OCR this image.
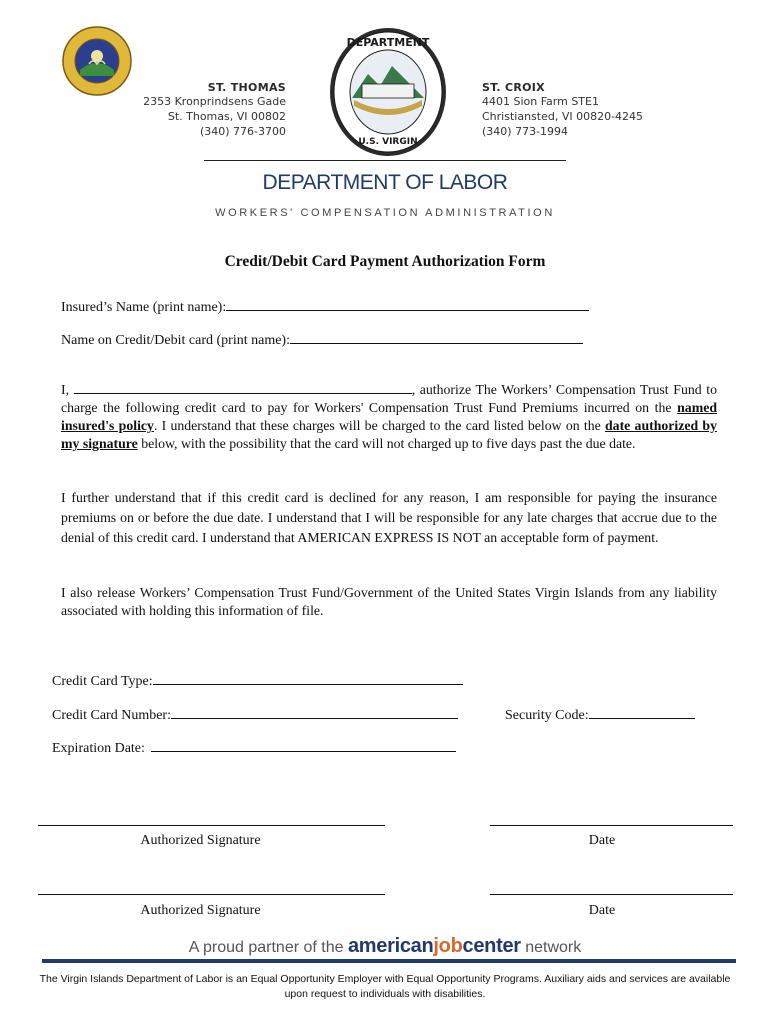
DEPARTMENT
U.S. VIRGIN
ST. THOMAS
2353 Kronprindsens Gade
St. Thomas, VI 00802
(340) 776-3700
ST. CROIX
4401 Sion Farm STE1
Christiansted, VI 00820-4245
(340) 773-1994
DEPARTMENT OF LABOR
WORKERS' COMPENSATION ADMINISTRATION
Credit/Debit Card Payment Authorization Form
Insured’s Name (print name):
Name on Credit/Debit card (print name):
I,	, authorize The Workers’ Compensation Trust Fund to charge the following credit card to pay for Workers' Compensation Trust Fund Premiums incurred on the named insured's policy. I understand that these charges will be charged to the card listed below on the date authorized by my signature below, with the possibility that the card will not charged up to five days past the due date.
I further understand that if this credit card is declined for any reason, I am responsible for paying the insurance premiums on or before the due date. I understand that I will be responsible for any late charges that accrue due to the denial of this credit card. I understand that AMERICAN EXPRESS IS NOT an acceptable form of payment.
I also release Workers’ Compensation Trust Fund/Government of the United States Virgin Islands from any liability associated with holding this information of file.
Credit Card Type:
Credit Card Number:	Security Code:
Expiration Date:
Authorized Signature	Date
Authorized Signature	Date
A proud partner of the americanjobcenter network
The Virgin Islands Department of Labor is an Equal Opportunity Employer with Equal Opportunity Programs. Auxiliary aids and services are available upon request to individuals with disabilities.
